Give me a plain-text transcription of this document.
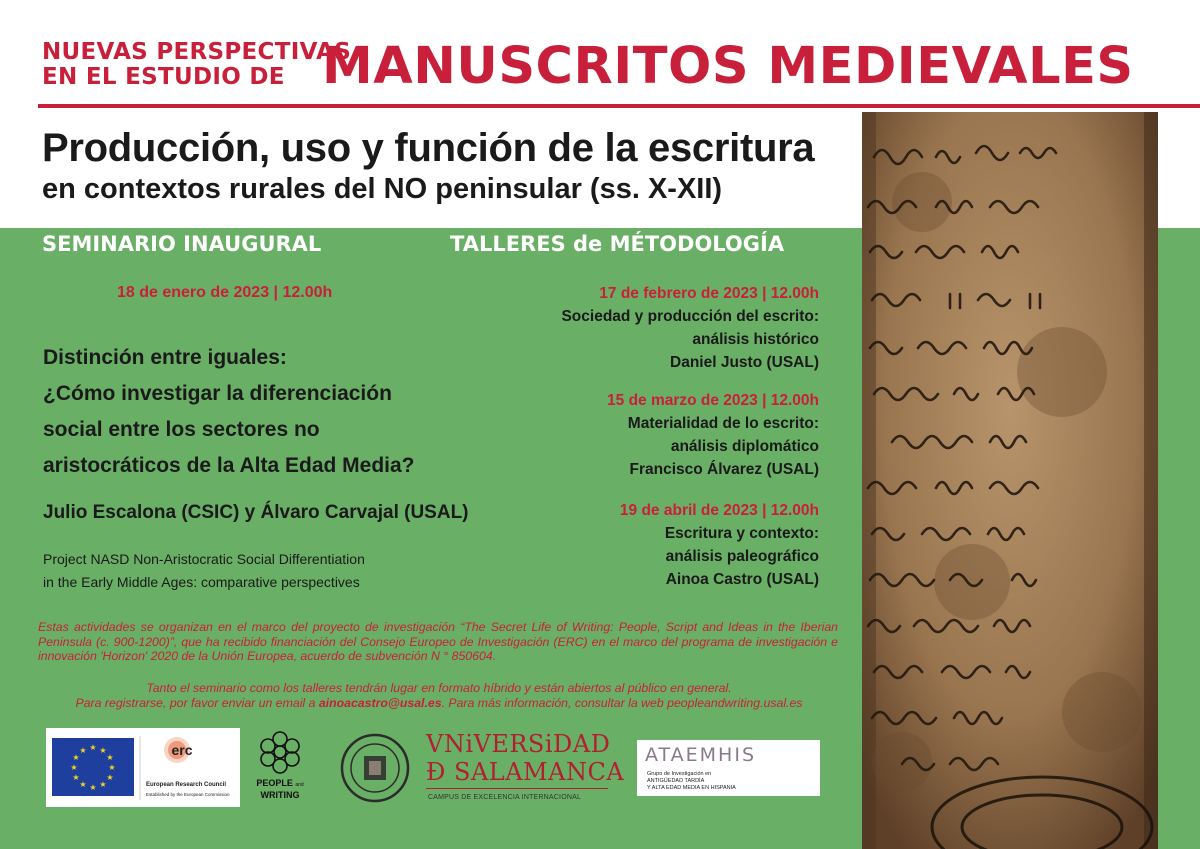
NUEVAS PERSPECTIVAS
EN EL ESTUDIO DE MANUSCRITOS MEDIEVALES
Producción, uso y función de la escritura
en contextos rurales del NO peninsular (ss. X-XII)
SEMINARIO INAUGURAL	TALLERES de MÉTODOLOGÍA
18 de enero de 2023 | 12.00h
Distinción entre iguales:
¿Cómo investigar la diferenciación
social entre los sectores no
aristocráticos de la Alta Edad Media?
Julio Escalona (CSIC) y Álvaro Carvajal (USAL)
Project NASD Non-Aristocratic Social Differentiation
in the Early Middle Ages: comparative perspectives
17 de febrero de 2023 | 12.00h
Sociedad y producción del escrito:
análisis histórico
Daniel Justo (USAL)
15 de marzo de 2023 | 12.00h
Materialidad de lo escrito:
análisis diplomático
Francisco Álvarez (USAL)
19 de abril de 2023 | 12.00h
Escritura y contexto:
análisis paleográfico
Ainoa Castro (USAL)
Estas actividades se organizan en el marco del proyecto de investigación “The Secret Life of Writing: People, Script and Ideas in the Iberian Peninsula (c. 900-1200)”, que ha recibido financiación del Consejo Europeo de Investigación (ERC) en el marco del programa de investigación e innovación 'Horizon' 2020 de la Unión Europea, acuerdo de subvención N ° 850604.
Tanto el seminario como los talleres tendrán lugar en formato híbrido y están abiertos al público en general.
Para registrarse, por favor enviar un email a ainoacastro@usal.es. Para más información, consultar la web peopleandwriting.usal.es
★ ★
★
★
★
★
★
★
★
★
★
★	erc
European Research Council
Established by the European Commission
PEOPLE and
WRITING
VNiVERSiDAD
Ð SALAMANCA
CAMPUS DE EXCELENCIA INTERNACIONAL
ATAEMHIS
Grupo de Investigación en
ANTIGÜEDAD TARDÍA
Y ALTA EDAD MEDIA EN HISPANIA
